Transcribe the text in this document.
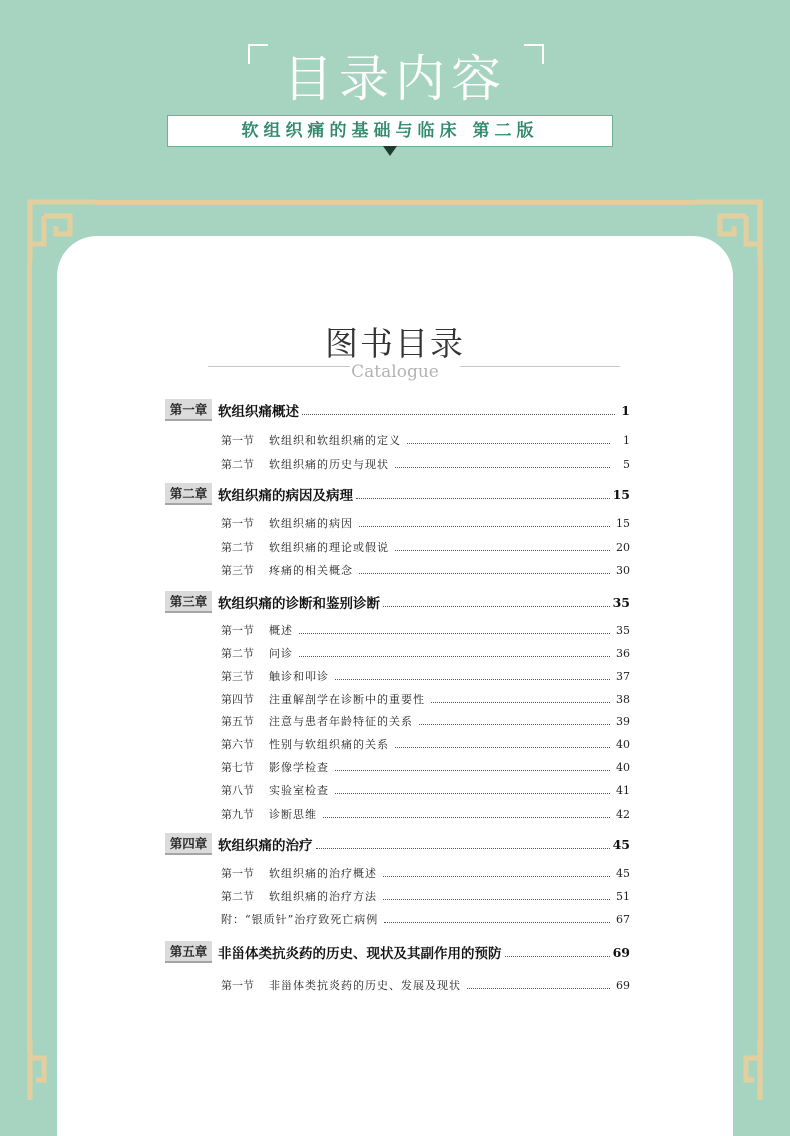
目录内容
软组织痛的基础与临床 第二版
图书目录
Catalogue
第一章 软组织痛概述	1
第一节	软组织和软组织痛的定义	1
第二节	软组织痛的历史与现状	5
第二章 软组织痛的病因及病理	15
第一节	软组织痛的病因	15
第二节	软组织痛的理论或假说	20
第三节	疼痛的相关概念	30
第三章 软组织痛的诊断和鉴别诊断	35
第一节	概述	35
第二节	问诊	36
第三节	触诊和叩诊	37
第四节	注重解剖学在诊断中的重要性	38
第五节	注意与患者年龄特征的关系	39
第六节	性别与软组织痛的关系	40
第七节	影像学检查	40
第八节	实验室检查	41
第九节	诊断思维	42
第四章 软组织痛的治疗	45
第一节	软组织痛的治疗概述	45
第二节	软组织痛的治疗方法	51
附：“银质针”治疗致死亡病例	67
第五章 非甾体类抗炎药的历史、现状及其副作用的预防	69
第一节	非甾体类抗炎药的历史、发展及现状	69
